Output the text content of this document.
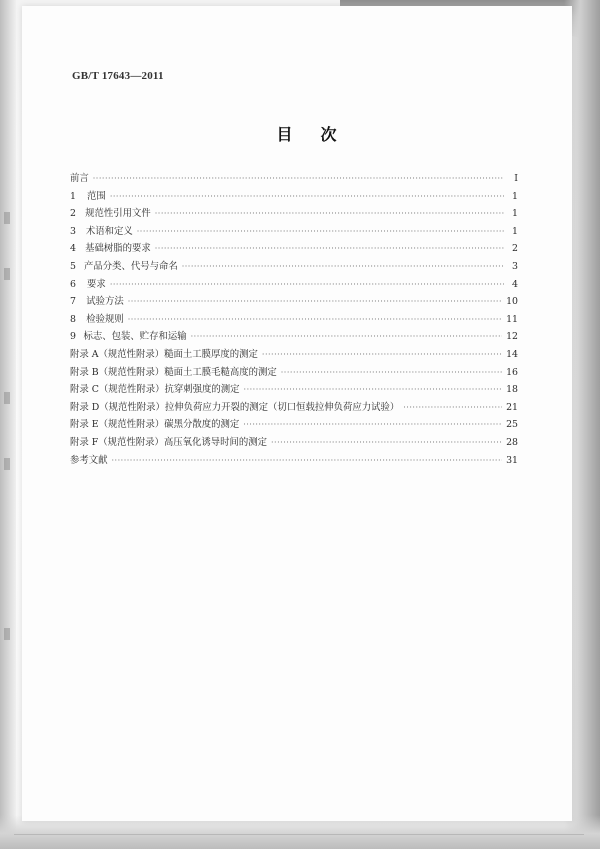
GB/T 17643—2011
目次
前言 ·····	Ⅰ
1	范围 ·····	1
2 规范性引用文件 ·····	1
3	术语和定义 ·····	1
4 基础树脂的要求 ·····	2
5 产品分类、代号与命名 ·····	3
6	要求 ·····	4
7	试验方法 ·····	10
8	检验规则 ·····	11
9 标志、包装、贮存和运输 ·····	12
附录 A（规范性附录） 糙面土工膜厚度的测定 ·····	14
附录 B（规范性附录） 糙面土工膜毛糙高度的测定 ·····	16
附录 C（规范性附录） 抗穿刺强度的测定 ·····	18
附录 D（规范性附录） 拉伸负荷应力开裂的测定（切口恒载拉伸负荷应力试验） ·····	21
附录 E（规范性附录） 碳黑分散度的测定 ·····	25
附录 F（规范性附录） 高压氧化诱导时间的测定 ·····	28
参考文献 ·····	31
